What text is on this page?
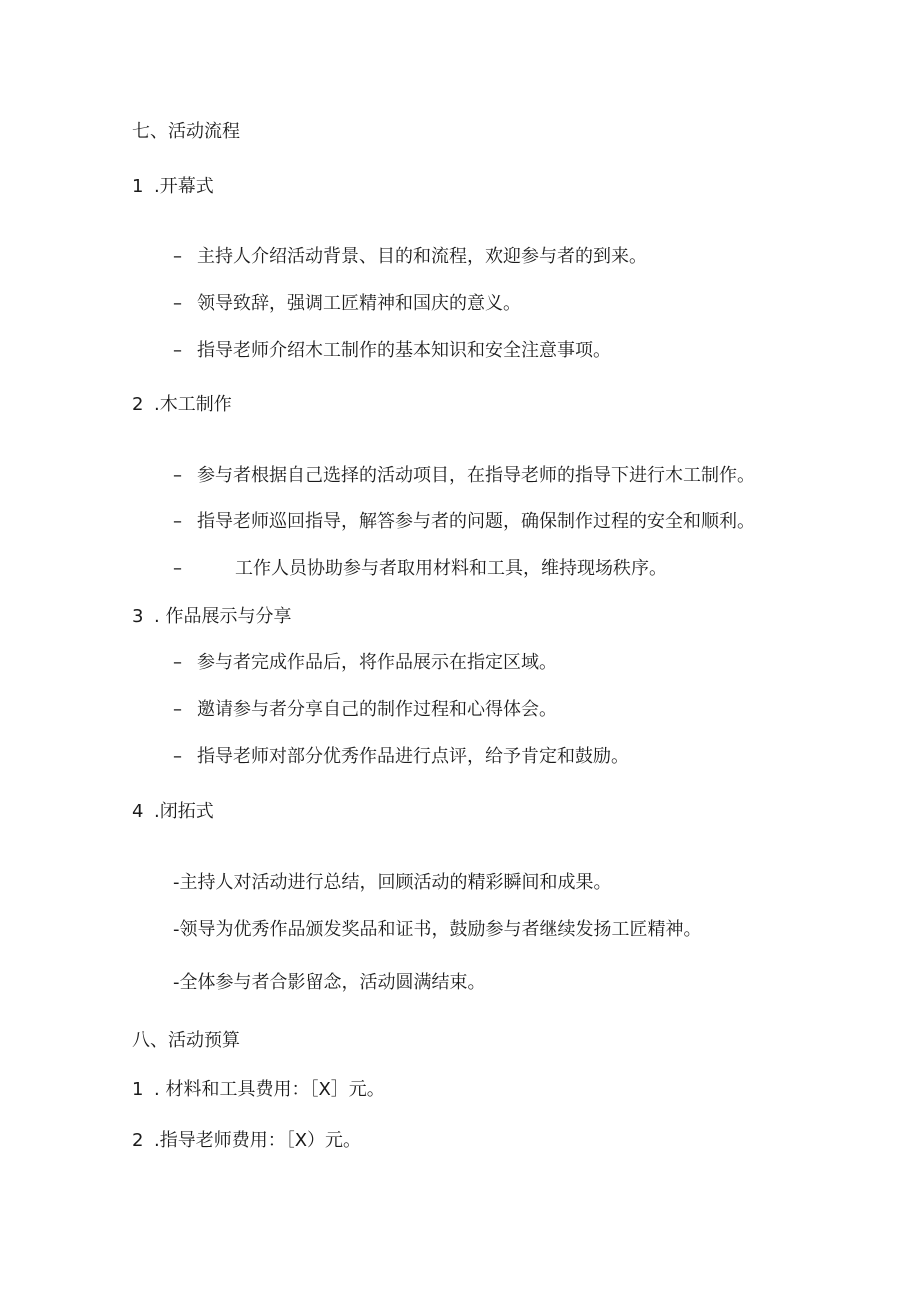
七、活动流程
1 .开幕式
– 主持人介绍活动背景、目的和流程，欢迎参与者的到来。
– 领导致辞，强调工匠精神和国庆的意义。
– 指导老师介绍木工制作的基本知识和安全注意事项。
2 .木工制作
– 参与者根据自己选择的活动项目，在指导老师的指导下进行木工制作。
– 指导老师巡回指导，解答参与者的问题，确保制作过程的安全和顺利。
–	工作人员协助参与者取用材料和工具，维持现场秩序。
3 . 作品展示与分享
– 参与者完成作品后，将作品展示在指定区域。
– 邀请参与者分享自己的制作过程和心得体会。
– 指导老师对部分优秀作品进行点评，给予肯定和鼓励。
4 .闭拓式
-主持人对活动进行总结，回顾活动的精彩瞬间和成果。
-领导为优秀作品颁发奖品和证书，鼓励参与者继续发扬工匠精神。
-全体参与者合影留念，活动圆满结束。
八、活动预算
1 . 材料和工具费用：［X］元。
2 .指导老师费用：［X）元。
